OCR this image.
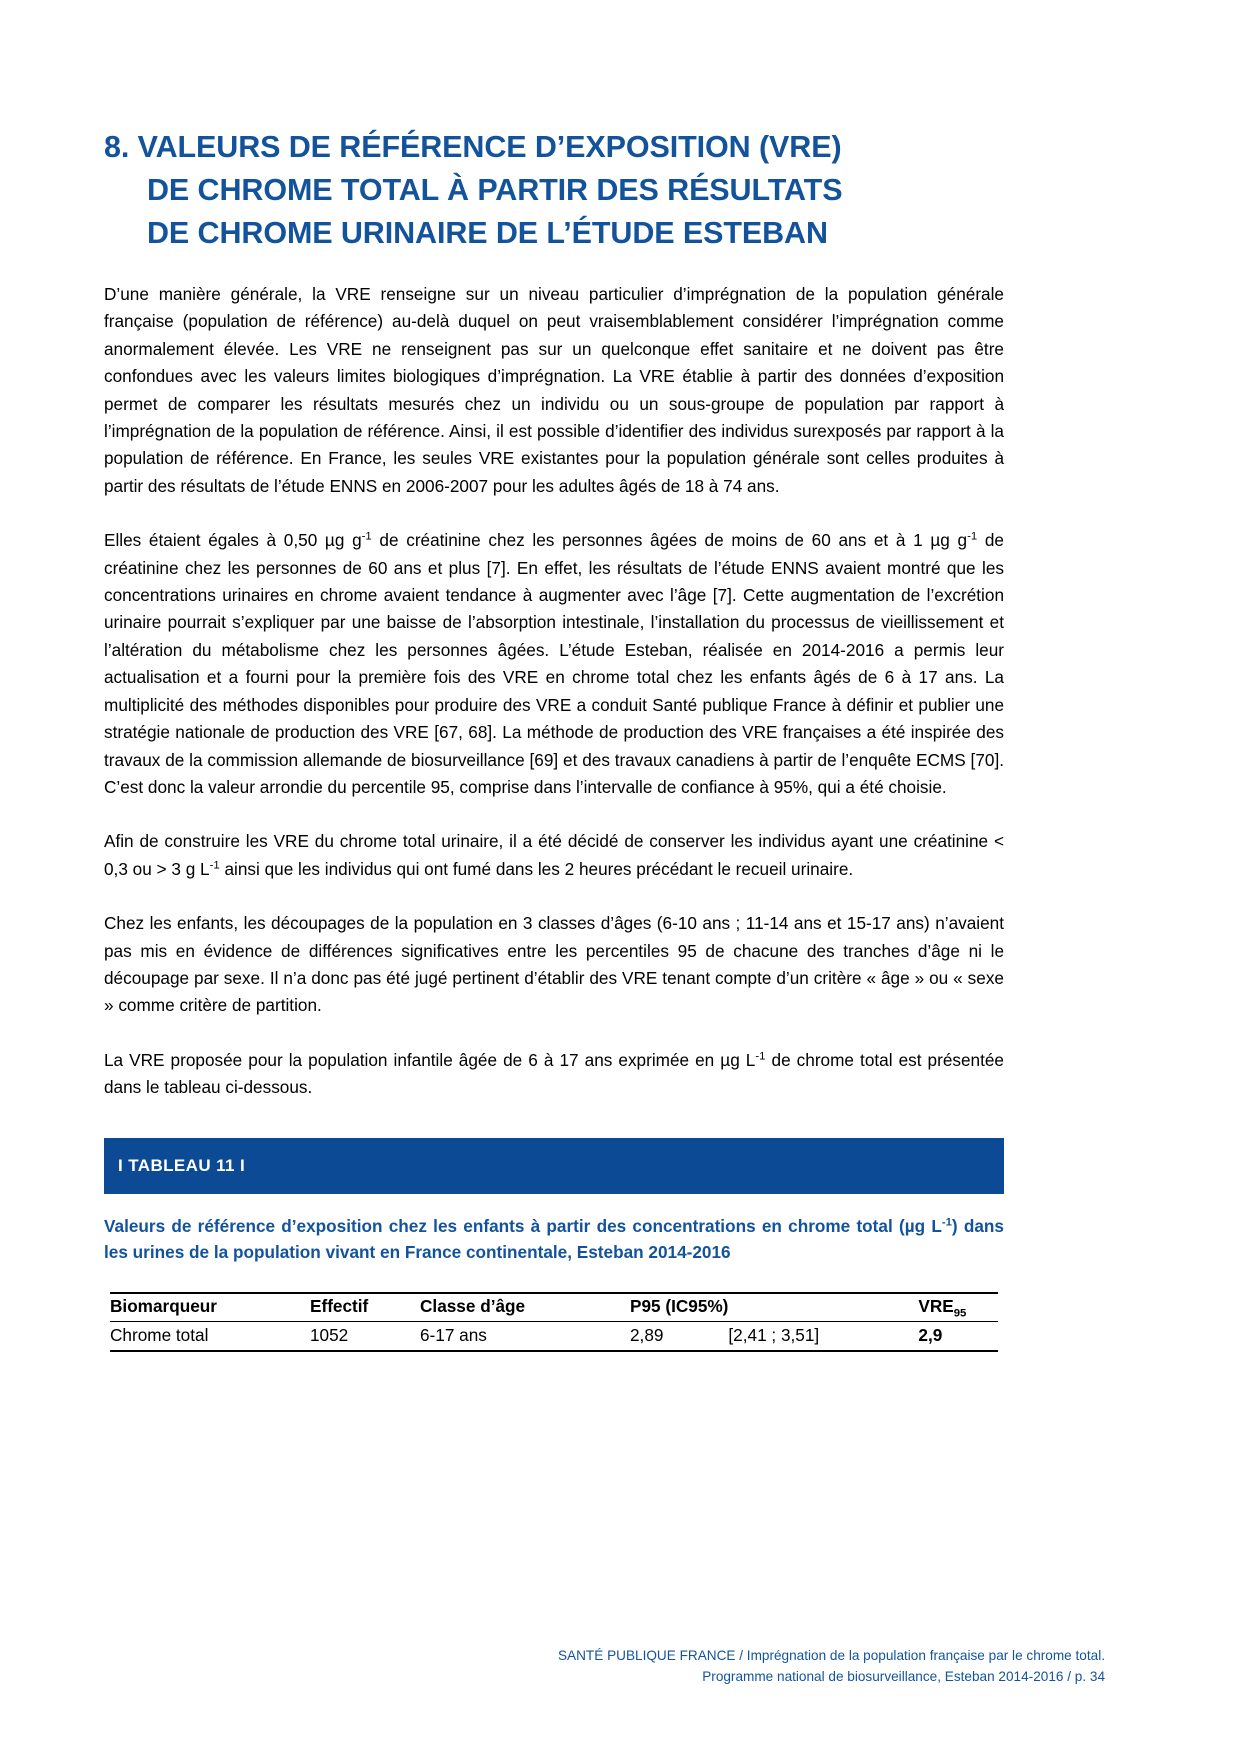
8. VALEURS DE RÉFÉRENCE D’EXPOSITION (VRE)
DE CHROME TOTAL À PARTIR DES RÉSULTATS
DE CHROME URINAIRE DE L’ÉTUDE ESTEBAN

D’une manière générale, la VRE renseigne sur un niveau particulier d’imprégnation de la population générale française (population de référence) au-delà duquel on peut vraisemblablement considérer l’imprégnation comme anormalement élevée. Les VRE ne renseignent pas sur un quelconque effet sanitaire et ne doivent pas être confondues avec les valeurs limites biologiques d’imprégnation. La VRE établie à partir des données d’exposition permet de comparer les résultats mesurés chez un individu ou un sous-groupe de population par rapport à l’imprégnation de la population de référence. Ainsi, il est possible d’identifier des individus surexposés par rapport à la population de référence. En France, les seules VRE existantes pour la population générale sont celles produites à partir des résultats de l’étude ENNS en 2006-2007 pour les adultes âgés de 18 à 74 ans.

Elles étaient égales à 0,50 µg $g^{-1}$ de créatinine chez les personnes âgées de moins de 60 ans et à 1 µg $g^{-1}$ de créatinine chez les personnes de 60 ans et plus [7]. En effet, les résultats de l’étude ENNS avaient montré que les concentrations urinaires en chrome avaient tendance à augmenter avec l’âge [7]. Cette augmentation de l’excrétion urinaire pourrait s’expliquer par une baisse de l’absorption intestinale, l’installation du processus de vieillissement et l’altération du métabolisme chez les personnes âgées. L’étude Esteban, réalisée en 2014-2016 a permis leur actualisation et a fourni pour la première fois des VRE en chrome total chez les enfants âgés de 6 à 17 ans. La multiplicité des méthodes disponibles pour produire des VRE a conduit Santé publique France à définir et publier une stratégie nationale de production des VRE [67, 68]. La méthode de production des VRE françaises a été inspirée des travaux de la commission allemande de biosurveillance [69] et des travaux canadiens à partir de l’enquête ECMS [70]. C’est donc la valeur arrondie du percentile 95, comprise dans l’intervalle de confiance à 95%, qui a été choisie.

Afin de construire les VRE du chrome total urinaire, il a été décidé de conserver les individus ayant une créatinine < 0,3 ou > 3 g $L^{-1}$ ainsi que les individus qui ont fumé dans les 2 heures précédant le recueil urinaire.

Chez les enfants, les découpages de la population en 3 classes d’âges (6-10 ans ; 11-14 ans et 15-17 ans) n’avaient pas mis en évidence de différences significatives entre les percentiles 95 de chacune des tranches d’âge ni le découpage par sexe. Il n’a donc pas été jugé pertinent d’établir des VRE tenant compte d’un critère « âge » ou « sexe » comme critère de partition.

La VRE proposée pour la population infantile âgée de 6 à 17 ans exprimée en µg $L^{-1}$ de chrome total est présentée dans le tableau ci-dessous.

I TABLEAU 11 I
Valeurs de référence d’exposition chez les enfants à partir des concentrations en chrome total (µg $L^{-1}$) dans les urines de la population vivant en France continentale, Esteban 2014-2016
Biomarqueur	Effectif	Classe d’âge	P95 (IC95%)		$VRE_{95}$
Chrome total	1052	6-17 ans	2,89	[2,41 ; 3,51]	2,9
SANTÉ PUBLIQUE FRANCE / Imprégnation de la population française par le chrome total.
Programme national de biosurveillance, Esteban 2014-2016 / p. 34
